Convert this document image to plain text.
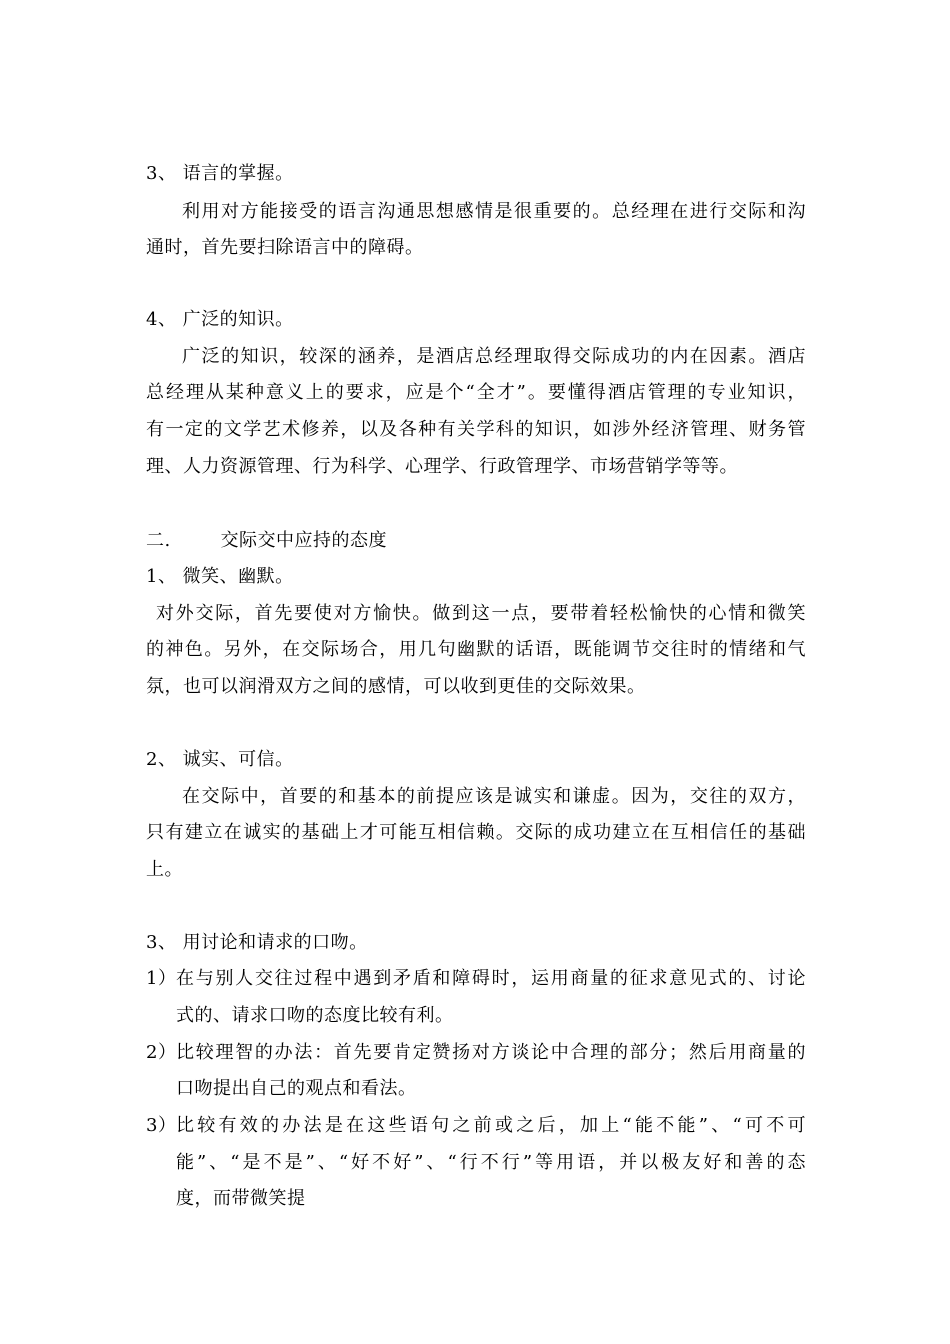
3、 语言的掌握。
利用对方能接受的语言沟通思想感情是很重要的。总经理在进行交际和沟
通时，首先要扫除语言中的障碍。
4、 广泛的知识。
广泛的知识，较深的涵养，是酒店总经理取得交际成功的内在因素。酒店
总经理从某种意义上的要求，应是个“全才”。要懂得酒店管理的专业知识，
有一定的文学艺术修养，以及各种有关学科的知识，如涉外经济管理、财务管
理、人力资源管理、行为科学、心理学、行政管理学、市场营销学等等。
二.        交际交中应持的态度
1、 微笑、幽默。
对外交际，首先要使对方愉快。做到这一点，要带着轻松愉快的心情和微笑
的神色。另外，在交际场合，用几句幽默的话语，既能调节交往时的情绪和气
氛，也可以润滑双方之间的感情，可以收到更佳的交际效果。
2、 诚实、可信。
在交际中，首要的和基本的前提应该是诚实和谦虚。因为，交往的双方，
只有建立在诚实的基础上才可能互相信赖。交际的成功建立在互相信任的基础
上。
3、 用讨论和请求的口吻。
1） 在与别人交往过程中遇到矛盾和障碍时，运用商量的征求意见式的、讨论
式的、请求口吻的态度比较有利。
2） 比较理智的办法：首先要肯定赞扬对方谈论中合理的部分；然后用商量的
口吻提出自己的观点和看法。
3） 比较有效的办法是在这些语句之前或之后，加上“能不能”、“可不可
能”、“是不是”、“好不好”、“行不行”等用语，并以极友好和善的态
度，而带微笑提
